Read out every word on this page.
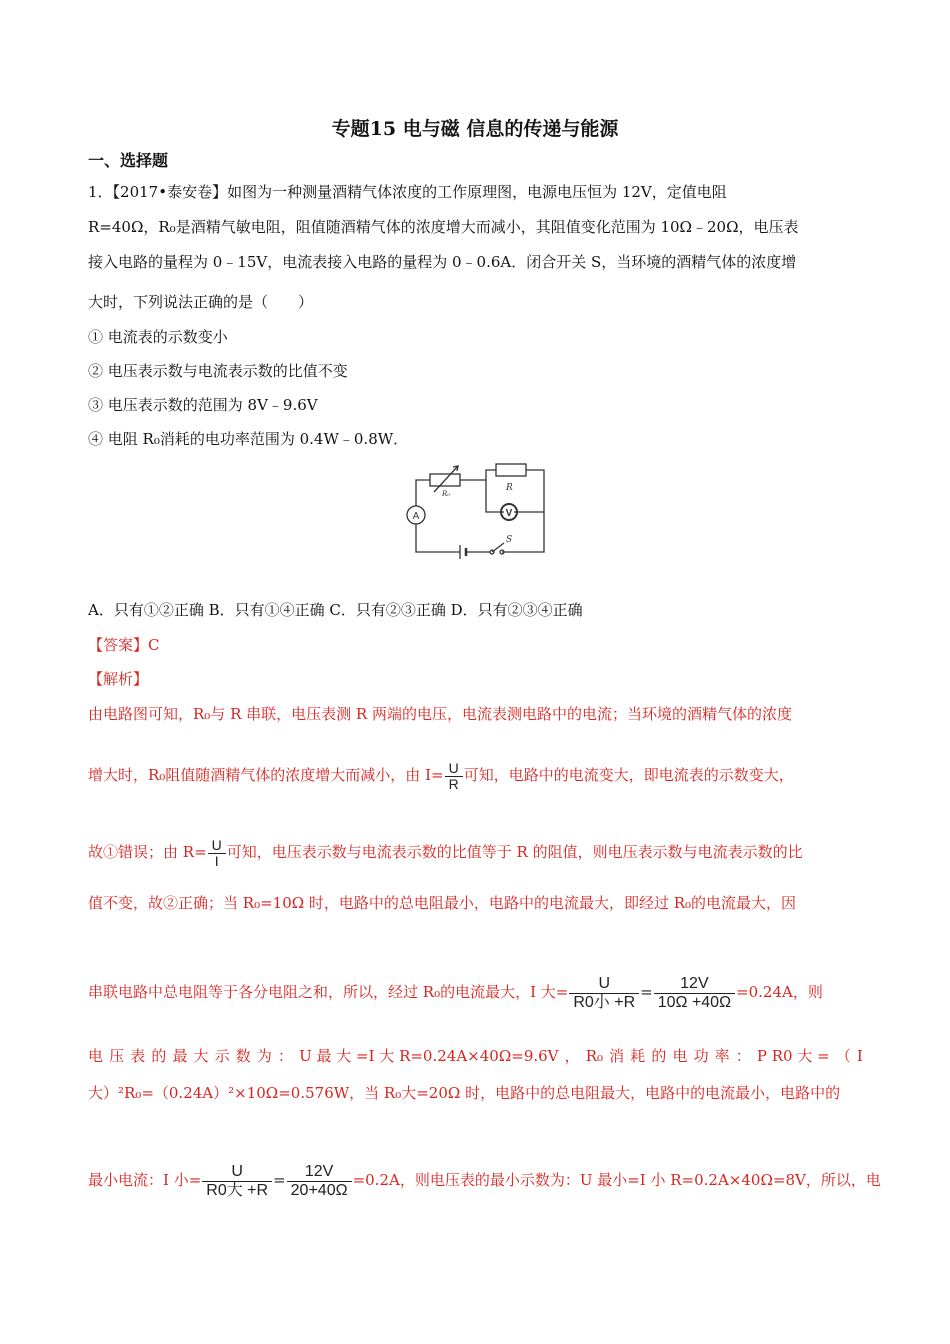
专题15 电与磁 信息的传递与能源
一、选择题
1．【2017•泰安卷】如图为一种测量酒精气体浓度的工作原理图，电源电压恒为 12V，定值电阻
R=40Ω，R₀是酒精气敏电阻，阻值随酒精气体的浓度增大而减小，其阻值变化范围为 10Ω﹣20Ω，电压表
接入电路的量程为 0﹣15V，电流表接入电路的量程为 0﹣0.6A．闭合开关 S，当环境的酒精气体的浓度增
大时，下列说法正确的是（　　）
① 电流表的示数变小
② 电压表示数与电流表示数的比值不变
③ 电压表示数的范围为 8V﹣9.6V
④ 电阻 R₀消耗的电功率范围为 0.4W﹣0.8W．
A	V
R₀
R
S
A．只有①②正确 B．只有①④正确 C．只有②③正确 D．只有②③④正确
【答案】C
【解析】
由电路图可知，R₀与 R 串联，电压表测 R 两端的电压，电流表测电路中的电流；当环境的酒精气体的浓度
增大时，R₀阻值随酒精气体的浓度增大而减小，由 $I= \frac{U}{R}$ 可知，电路中的电流变大，即电流表的示数变大，
故①错误；由 $R= \frac{U}{I}$ 可知，电压表示数与电流表示数的比值等于 R 的阻值，则电压表示数与电流表示数的比
值不变，故②正确；当 R₀=10Ω 时，电路中的总电阻最小，电路中的电流最大，即经过 R₀的电流最大，因
串联电路中总电阻等于各分电阻之和，所以，经过 R₀的电流最大，I 大= $\frac{U}{\text{R0小 +R}} = \frac{12V}{10\Omega +40\Omega} =0.24A$，则
电 压 表 的 最 大 示 数 为 ： U 最 大 =I 大 R=0.24A×40Ω=9.6V ， R₀ 消 耗 的 电 功 率 ： P R0 大 = （ I
大）²R₀=（0.24A）²×10Ω=0.576W，当 R₀大=20Ω 时，电路中的总电阻最大，电路中的电流最小，电路中的
最小电流：I 小= $\frac{U}{\text{R0大 +R}} = \frac{12V}{20+40\Omega} =0.2A$，则电压表的最小示数为：U 最小=I 小 R=0.2A×40Ω=8V，所以，电
